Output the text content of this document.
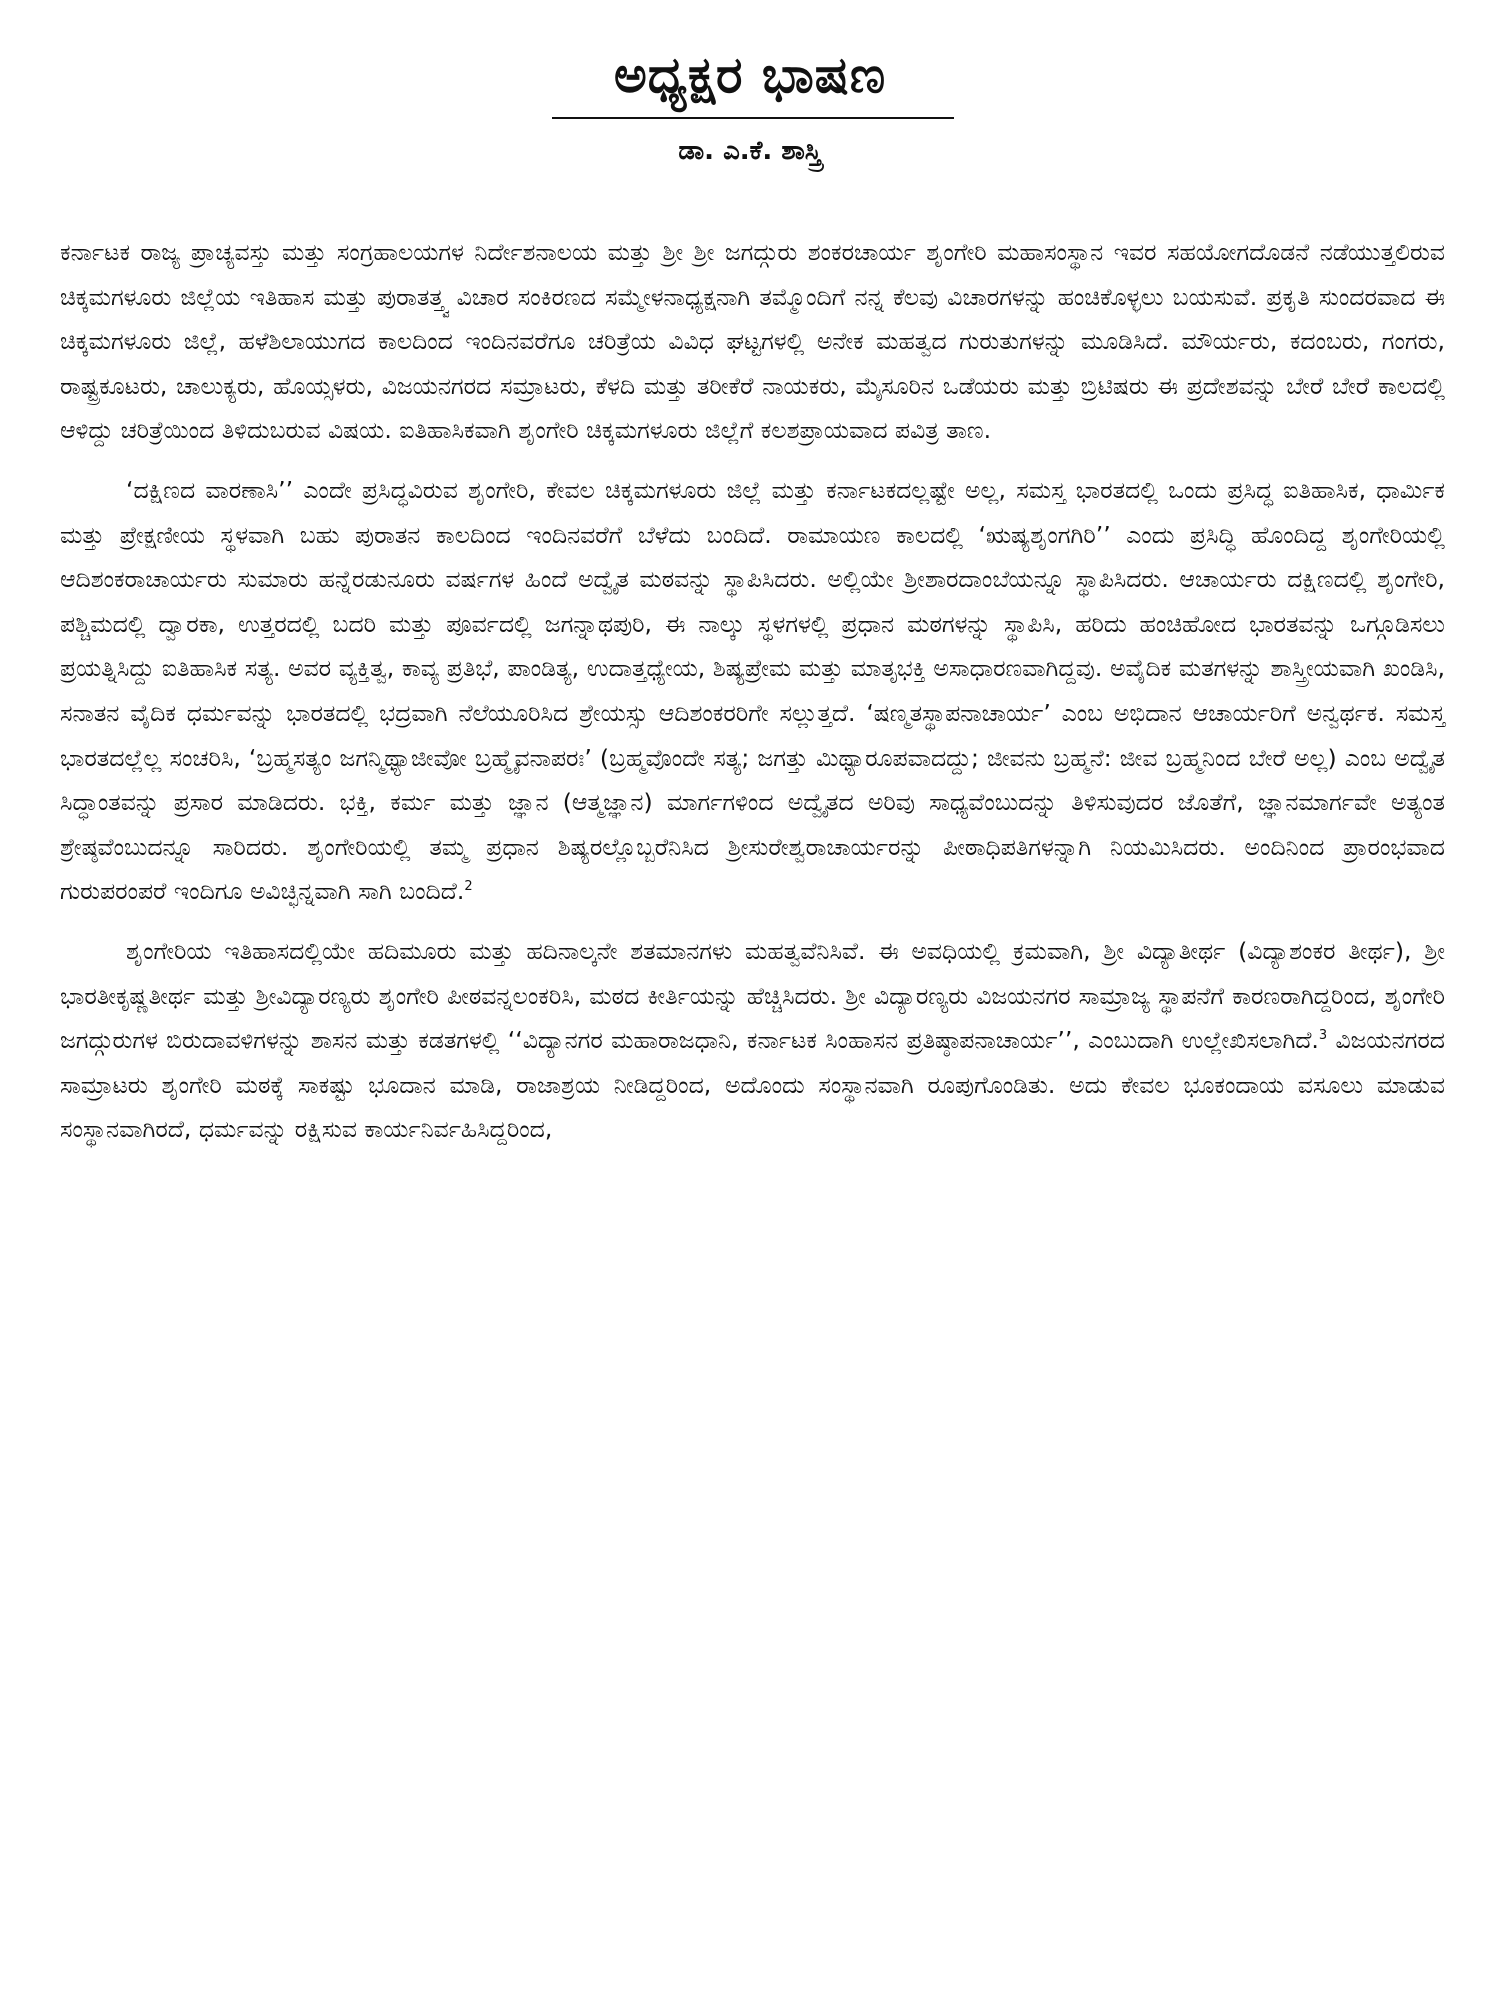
ಅಧ್ಯಕ್ಷರ ಭಾಷಣ
ಡಾ. ಎ.ಕೆ. ಶಾಸ್ತ್ರಿ

ಕರ್ನಾಟಕ ರಾಜ್ಯ ಪ್ರಾಚ್ಯವಸ್ತು ಮತ್ತು ಸಂಗ್ರಹಾಲಯಗಳ ನಿರ್ದೇಶನಾಲಯ ಮತ್ತು ಶ್ರೀ ಶ್ರೀ ಜಗದ್ಗುರು ಶಂಕರಚಾರ್ಯ ಶೃಂಗೇರಿ ಮಹಾಸಂಸ್ಥಾನ ಇವರ ಸಹಯೋಗದೊಡನೆ ನಡೆಯುತ್ತಲಿರುವ ಚಿಕ್ಕಮಗಳೂರು ಜಿಲ್ಲೆಯ ಇತಿಹಾಸ ಮತ್ತು ಪುರಾತತ್ತ್ವ ವಿಚಾರ ಸಂಕಿರಣದ ಸಮ್ಮೇಳನಾಧ್ಯಕ್ಷನಾಗಿ ತಮ್ಮೊಂದಿಗೆ ನನ್ನ ಕೆಲವು ವಿಚಾರಗಳನ್ನು ಹಂಚಿಕೊಳ್ಳಲು ಬಯಸುವೆ. ಪ್ರಕೃತಿ ಸುಂದರವಾದ ಈ ಚಿಕ್ಕಮಗಳೂರು ಜಿಲ್ಲೆ, ಹಳೆಶಿಲಾಯುಗದ ಕಾಲದಿಂದ ಇಂದಿನವರೆಗೂ ಚರಿತ್ರೆಯ ವಿವಿಧ ಘಟ್ಟಗಳಲ್ಲಿ ಅನೇಕ ಮಹತ್ವದ ಗುರುತುಗಳನ್ನು ಮೂಡಿಸಿದೆ. ಮೌರ್ಯರು, ಕದಂಬರು, ಗಂಗರು, ರಾಷ್ಟ್ರಕೂಟರು, ಚಾಲುಕ್ಯರು, ಹೊಯ್ಸಳರು, ವಿಜಯನಗರದ ಸಮ್ರಾಟರು, ಕೆಳದಿ ಮತ್ತು ತರೀಕೆರೆ ನಾಯಕರು, ಮೈಸೂರಿನ ಒಡೆಯರು ಮತ್ತು ಬ್ರಿಟಿಷರು ಈ ಪ್ರದೇಶವನ್ನು ಬೇರೆ ಬೇರೆ ಕಾಲದಲ್ಲಿ ಆಳಿದ್ದು ಚರಿತ್ರೆಯಿಂದ ತಿಳಿದುಬರುವ ವಿಷಯ. ಐತಿಹಾಸಿಕವಾಗಿ ಶೃಂಗೇರಿ ಚಿಕ್ಕಮಗಳೂರು ಜಿಲ್ಲೆಗೆ ಕಲಶಪ್ರಾಯವಾದ ಪವಿತ್ರ ತಾಣ.

‘ದಕ್ಷಿಣದ ವಾರಣಾಸಿ’’ ಎಂದೇ ಪ್ರಸಿದ್ಧವಿರುವ ಶೃಂಗೇರಿ, ಕೇವಲ ಚಿಕ್ಕಮಗಳೂರು ಜಿಲ್ಲೆ ಮತ್ತು ಕರ್ನಾಟಕದಲ್ಲಷ್ಟೇ ಅಲ್ಲ, ಸಮಸ್ತ ಭಾರತದಲ್ಲಿ ಒಂದು ಪ್ರಸಿದ್ಧ ಐತಿಹಾಸಿಕ, ಧಾರ್ಮಿಕ ಮತ್ತು ಪ್ರೇಕ್ಷಣೀಯ ಸ್ಥಳವಾಗಿ ಬಹು ಪುರಾತನ ಕಾಲದಿಂದ ಇಂದಿನವರೆಗೆ ಬೆಳೆದು ಬಂದಿದೆ. ರಾಮಾಯಣ ಕಾಲದಲ್ಲಿ ‘ಋಷ್ಯಶೃಂಗಗಿರಿ’’ ಎಂದು ಪ್ರಸಿದ್ಧಿ ಹೊಂದಿದ್ದ ಶೃಂಗೇರಿಯಲ್ಲಿ ಆದಿಶಂಕರಾಚಾರ್ಯರು ಸುಮಾರು ಹನ್ನೆರಡುನೂರು ವರ್ಷಗಳ ಹಿಂದೆ ಅದ್ವೈತ ಮಠವನ್ನು ಸ್ಥಾಪಿಸಿದರು. ಅಲ್ಲಿಯೇ ಶ್ರೀಶಾರದಾಂಬೆಯನ್ನೂ ಸ್ಥಾಪಿಸಿದರು. ಆಚಾರ್ಯರು ದಕ್ಷಿಣದಲ್ಲಿ ಶೃಂಗೇರಿ, ಪಶ್ಚಿಮದಲ್ಲಿ ದ್ವಾರಕಾ, ಉತ್ತರದಲ್ಲಿ ಬದರಿ ಮತ್ತು ಪೂರ್ವದಲ್ಲಿ ಜಗನ್ನಾಥಪುರಿ, ಈ ನಾಲ್ಕು ಸ್ಥಳಗಳಲ್ಲಿ ಪ್ರಧಾನ ಮಠಗಳನ್ನು ಸ್ಥಾಪಿಸಿ, ಹರಿದು ಹಂಚಿಹೋದ ಭಾರತವನ್ನು ಒಗ್ಗೂಡಿಸಲು ಪ್ರಯತ್ನಿಸಿದ್ದು ಐತಿಹಾಸಿಕ ಸತ್ಯ. ಅವರ ವ್ಯಕ್ತಿತ್ವ, ಕಾವ್ಯ ಪ್ರತಿಭೆ, ಪಾಂಡಿತ್ಯ, ಉದಾತ್ತಧ್ಯೇಯ, ಶಿಷ್ಯಪ್ರೇಮ ಮತ್ತು ಮಾತೃಭಕ್ತಿ ಅಸಾಧಾರಣವಾಗಿದ್ದವು. ಅವೈದಿಕ ಮತಗಳನ್ನು ಶಾಸ್ತ್ರೀಯವಾಗಿ ಖಂಡಿಸಿ, ಸನಾತನ ವೈದಿಕ ಧರ್ಮವನ್ನು ಭಾರತದಲ್ಲಿ ಭದ್ರವಾಗಿ ನೆಲೆಯೂರಿಸಿದ ಶ್ರೇಯಸ್ಸು ಆದಿಶಂಕರರಿಗೇ ಸಲ್ಲುತ್ತದೆ. ‘ಷಣ್ಮತಸ್ಥಾಪನಾಚಾರ್ಯ’ ಎಂಬ ಅಭಿದಾನ ಆಚಾರ್ಯರಿಗೆ ಅನ್ವರ್ಥಕ. ಸಮಸ್ತ ಭಾರತದಲ್ಲೆಲ್ಲ ಸಂಚರಿಸಿ, ‘ಬ್ರಹ್ಮಸತ್ಯಂ ಜಗನ್ಮಿಥ್ಯಾಜೀವೋ ಬ್ರಹ್ಮೈವನಾಪರಃ’ (ಬ್ರಹ್ಮವೊಂದೇ ಸತ್ಯ; ಜಗತ್ತು ಮಿಥ್ಯಾರೂಪವಾದದ್ದು; ಜೀವನು ಬ್ರಹ್ಮನೆ: ಜೀವ ಬ್ರಹ್ಮನಿಂದ ಬೇರೆ ಅಲ್ಲ) ಎಂಬ ಅದ್ವೈತ ಸಿದ್ಧಾಂತವನ್ನು ಪ್ರಸಾರ ಮಾಡಿದರು. ಭಕ್ತಿ, ಕರ್ಮ ಮತ್ತು ಜ್ಞಾನ (ಆತ್ಮಜ್ಞಾನ) ಮಾರ್ಗಗಳಿಂದ ಅದ್ವೈತದ ಅರಿವು ಸಾಧ್ಯವೆಂಬುದನ್ನು ತಿಳಿಸುವುದರ ಜೊತೆಗೆ, ಜ್ಞಾನಮಾರ್ಗವೇ ಅತ್ಯಂತ ಶ್ರೇಷ್ಠವೆಂಬುದನ್ನೂ ಸಾರಿದರು. ಶೃಂಗೇರಿಯಲ್ಲಿ ತಮ್ಮ ಪ್ರಧಾನ ಶಿಷ್ಯರಲ್ಲೊಬ್ಬರೆನಿಸಿದ ಶ್ರೀಸುರೇಶ್ವರಾಚಾರ್ಯರನ್ನು ಪೀಠಾಧಿಪತಿಗಳನ್ನಾಗಿ ನಿಯಮಿಸಿದರು. ಅಂದಿನಿಂದ ಪ್ರಾರಂಭವಾದ ಗುರುಪರಂಪರೆ ಇಂದಿಗೂ ಅವಿಚ್ಛಿನ್ನವಾಗಿ ಸಾಗಿ ಬಂದಿದೆ.$^2$

ಶೃಂಗೇರಿಯ ಇತಿಹಾಸದಲ್ಲಿಯೇ ಹದಿಮೂರು ಮತ್ತು ಹದಿನಾಲ್ಕನೇ ಶತಮಾನಗಳು ಮಹತ್ವವೆನಿಸಿವೆ. ಈ ಅವಧಿಯಲ್ಲಿ ಕ್ರಮವಾಗಿ, ಶ್ರೀ ವಿದ್ಯಾತೀರ್ಥ (ವಿದ್ಯಾಶಂಕರ ತೀರ್ಥ), ಶ್ರೀ ಭಾರತೀಕೃಷ್ಣತೀರ್ಥ ಮತ್ತು ಶ್ರೀವಿದ್ಯಾರಣ್ಯರು ಶೃಂಗೇರಿ ಪೀಠವನ್ನಲಂಕರಿಸಿ, ಮಠದ ಕೀರ್ತಿಯನ್ನು ಹೆಚ್ಚಿಸಿದರು. ಶ್ರೀ ವಿದ್ಯಾರಣ್ಯರು ವಿಜಯನಗರ ಸಾಮ್ರಾಜ್ಯ ಸ್ಥಾಪನೆಗೆ ಕಾರಣರಾಗಿದ್ದರಿಂದ, ಶೃಂಗೇರಿ ಜಗದ್ಗುರುಗಳ ಬಿರುದಾವಳಿಗಳನ್ನು ಶಾಸನ ಮತ್ತು ಕಡತಗಳಲ್ಲಿ ‘‘ವಿದ್ಯಾನಗರ ಮಹಾರಾಜಧಾನಿ, ಕರ್ನಾಟಕ ಸಿಂಹಾಸನ ಪ್ರತಿಷ್ಠಾಪನಾಚಾರ್ಯ’’, ಎಂಬುದಾಗಿ ಉಲ್ಲೇಖಿಸಲಾಗಿದೆ.$^3$ ವಿಜಯನಗರದ ಸಾಮ್ರಾಟರು ಶೃಂಗೇರಿ ಮಠಕ್ಕೆ ಸಾಕಷ್ಟು ಭೂದಾನ ಮಾಡಿ, ರಾಜಾಶ್ರಯ ನೀಡಿದ್ದರಿಂದ, ಅದೊಂದು ಸಂಸ್ಥಾನವಾಗಿ ರೂಪುಗೊಂಡಿತು. ಅದು ಕೇವಲ ಭೂಕಂದಾಯ ವಸೂಲು ಮಾಡುವ ಸಂಸ್ಥಾನವಾಗಿರದೆ, ಧರ್ಮವನ್ನು ರಕ್ಷಿಸುವ ಕಾರ್ಯನಿರ್ವಹಿಸಿದ್ದರಿಂದ,
